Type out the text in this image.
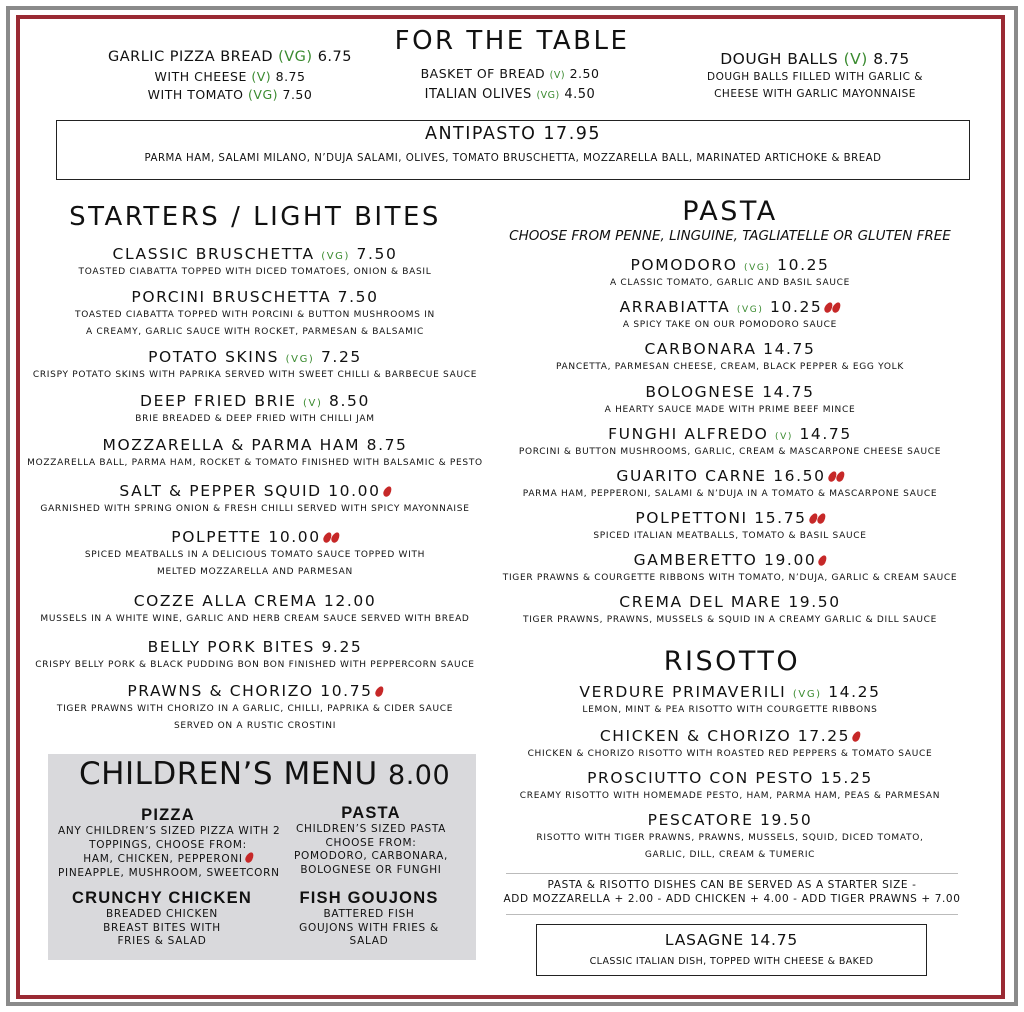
FOR THE TABLE
GARLIC PIZZA BREAD (VG) 6.75
WITH CHEESE (V) 8.75
WITH TOMATO (VG) 7.50
BASKET OF BREAD (V) 2.50
ITALIAN OLIVES (VG) 4.50
DOUGH BALLS (V) 8.75
DOUGH BALLS FILLED WITH GARLIC &
CHEESE WITH GARLIC MAYONNAISE
ANTIPASTO 17.95
PARMA HAM, SALAMI MILANO, N’DUJA SALAMI, OLIVES, TOMATO BRUSCHETTA, MOZZARELLA BALL, MARINATED ARTICHOKE & BREAD
STARTERS / LIGHT BITES
CLASSIC BRUSCHETTA (VG) 7.50
TOASTED CIABATTA TOPPED WITH DICED TOMATOES, ONION & BASIL
PORCINI BRUSCHETTA 7.50
TOASTED CIABATTA TOPPED WITH PORCINI & BUTTON MUSHROOMS IN
A CREAMY, GARLIC SAUCE WITH ROCKET, PARMESAN & BALSAMIC
POTATO SKINS (VG) 7.25
CRISPY POTATO SKINS WITH PAPRIKA SERVED WITH SWEET CHILLI & BARBECUE SAUCE
DEEP FRIED BRIE (V) 8.50
BRIE BREADED & DEEP FRIED WITH CHILLI JAM
MOZZARELLA & PARMA HAM 8.75
MOZZARELLA BALL, PARMA HAM, ROCKET & TOMATO FINISHED WITH BALSAMIC & PESTO
SALT & PEPPER SQUID 10.00
GARNISHED WITH SPRING ONION & FRESH CHILLI SERVED WITH SPICY MAYONNAISE
POLPETTE 10.00
SPICED MEATBALLS IN A DELICIOUS TOMATO SAUCE TOPPED WITH
MELTED MOZZARELLA AND PARMESAN
COZZE ALLA CREMA 12.00
MUSSELS IN A WHITE WINE, GARLIC AND HERB CREAM SAUCE SERVED WITH BREAD
BELLY PORK BITES 9.25
CRISPY BELLY PORK & BLACK PUDDING BON BON FINISHED WITH PEPPERCORN SAUCE
PRAWNS & CHORIZO 10.75
TIGER PRAWNS WITH CHORIZO IN A GARLIC, CHILLI, PAPRIKA & CIDER SAUCE
SERVED ON A RUSTIC CROSTINI
CHILDREN’S MENU 8.00
PIZZA
ANY CHILDREN’S SIZED PIZZA WITH 2
TOPPINGS, CHOOSE FROM:
HAM, CHICKEN, PEPPERONI
PINEAPPLE, MUSHROOM, SWEETCORN
PASTA
CHILDREN’S SIZED PASTA
CHOOSE FROM:
POMODORO, CARBONARA,
BOLOGNESE OR FUNGHI
CRUNCHY CHICKEN
BREADED CHICKEN
BREAST BITES WITH
FRIES & SALAD
FISH GOUJONS
BATTERED FISH
GOUJONS WITH FRIES &
SALAD
PASTA
CHOOSE FROM PENNE, LINGUINE, TAGLIATELLE OR GLUTEN FREE
POMODORO (VG) 10.25
A CLASSIC TOMATO, GARLIC AND BASIL SAUCE
ARRABIATTA (VG) 10.25
A SPICY TAKE ON OUR POMODORO SAUCE
CARBONARA 14.75
PANCETTA, PARMESAN CHEESE, CREAM, BLACK PEPPER & EGG YOLK
BOLOGNESE 14.75
A HEARTY SAUCE MADE WITH PRIME BEEF MINCE
FUNGHI ALFREDO (V) 14.75
PORCINI & BUTTON MUSHROOMS, GARLIC, CREAM & MASCARPONE CHEESE SAUCE
GUARITO CARNE 16.50
PARMA HAM, PEPPERONI, SALAMI & N’DUJA IN A TOMATO & MASCARPONE SAUCE
POLPETTONI 15.75
SPICED ITALIAN MEATBALLS, TOMATO & BASIL SAUCE
GAMBERETTO 19.00
TIGER PRAWNS & COURGETTE RIBBONS WITH TOMATO, N’DUJA, GARLIC & CREAM SAUCE
CREMA DEL MARE 19.50
TIGER PRAWNS, PRAWNS, MUSSELS & SQUID IN A CREAMY GARLIC & DILL SAUCE
RISOTTO
VERDURE PRIMAVERILI (VG) 14.25
LEMON, MINT & PEA RISOTTO WITH COURGETTE RIBBONS
CHICKEN & CHORIZO 17.25
CHICKEN & CHORIZO RISOTTO WITH ROASTED RED PEPPERS & TOMATO SAUCE
PROSCIUTTO CON PESTO 15.25
CREAMY RISOTTO WITH HOMEMADE PESTO, HAM, PARMA HAM, PEAS & PARMESAN
PESCATORE 19.50
RISOTTO WITH TIGER PRAWNS, PRAWNS, MUSSELS, SQUID, DICED TOMATO,
GARLIC, DILL, CREAM & TUMERIC
PASTA & RISOTTO DISHES CAN BE SERVED AS A STARTER SIZE -
ADD MOZZARELLA + 2.00 - ADD CHICKEN + 4.00 - ADD TIGER PRAWNS + 7.00
LASAGNE 14.75
CLASSIC ITALIAN DISH, TOPPED WITH CHEESE & BAKED
